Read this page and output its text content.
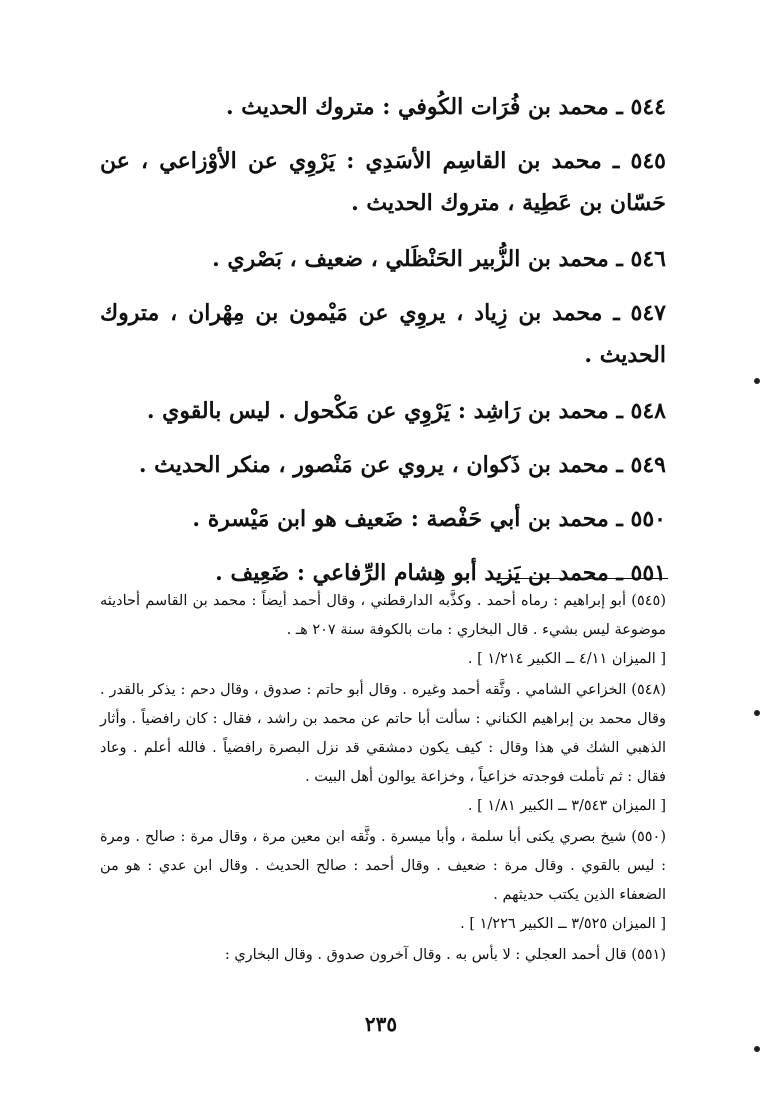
٥٤٤ ـ محمد بن فُرَات الكُوفي : متروك الحديث .
٥٤٥ ـ محمد بن القاسِم الأسَدِي : يَرْوِي عن الأوْزاعي ، عن حَسّان بن عَطِية ، متروك الحديث .
٥٤٦ ـ محمد بن الزُّبير الحَنْظَلي ، ضعيف ، بَصْري .
٥٤٧ ـ محمد بن زِياد ، يروِي عن مَيْمون بن مِهْران ، متروك الحديث .
٥٤٨ ـ محمد بن رَاشِد : يَرْوِي عن مَكْحول . ليس بالقوي .
٥٤٩ ـ محمد بن ذَكوان ، يروي عن مَنْصور ، منكر الحديث .
٥٥٠ ـ محمد بن أبي حَفْصة : ضَعيف هو ابن مَيْسرة .
٥٥١ ـ محمد بن يَزيد أبو هِشام الرِّفاعي : ضَعِيف .
(٥٤٥) أبو إبراهيم : رماه أحمد . وكذَّبه الدارقطني ، وقال أحمد أيضاً : محمد بن القاسم أحاديثه موضوعة ليس بشيء . قال البخاري : مات بالكوفة سنة ٢٠٧ هـ .
[ الميزان ٤/١١ ــ الكبير ١/٢١٤ ] .
(٥٤٨) الخزاعي الشامي . وثَّقه أحمد وغيره . وقال أبو حاتم : صدوق ، وقال دحم : يذكر بالقدر . وقال محمد بن إبراهيم الكناني : سألت أبا حاتم عن محمد بن راشد ، فقال : كان رافضياً . وأثار الذهبي الشك في هذا وقال : كيف يكون دمشقي قد نزل البصرة رافضياً . فالله أعلم . وعاد فقال : ثم تأملت فوجدته خزاعياً ، وخزاعة يوالون أهل البيت .
[ الميزان ٣/٥٤٣ ــ الكبير ١/٨١ ] .
(٥٥٠) شيخ بصري يكنى أبا سلمة ، وأبا ميسرة . وثَّقه ابن معين مرة ، وقال مرة : صالح . ومرة : ليس بالقوي . وقال مرة : ضعيف . وقال أحمد : صالح الحديث . وقال ابن عدي : هو من الضعفاء الذين يكتب حديثهم .
[ الميزان ٣/٥٢٥ ــ الكبير ١/٢٢٦ ] .
(٥٥١) قال أحمد العجلي : لا بأس به . وقال آخرون صدوق . وقال البخاري :
٢٣٥
